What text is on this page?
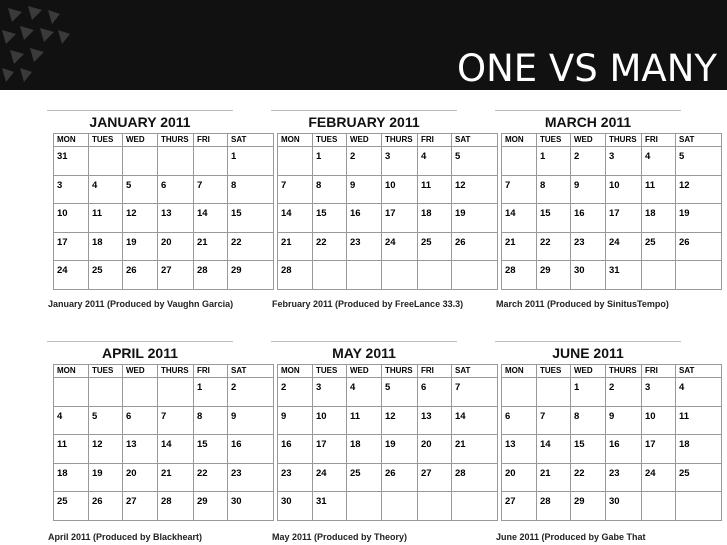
ONE VS MANY
JANUARY 2011
MON	TUES	WED	THURS	FRI	SAT
31					1
3	4	5	6	7	8
10	11	12	13	14	15
17	18	19	20	21	22
24	25	26	27	28	29
FEBRUARY 2011
MON	TUES	WED	THURS	FRI	SAT
	1	2	3	4	5
7	8	9	10	11	12
14	15	16	17	18	19
21	22	23	24	25	26
28					
MARCH 2011
MON	TUES	WED	THURS	FRI	SAT
	1	2	3	4	5
7	8	9	10	11	12
14	15	16	17	18	19
21	22	23	24	25	26
28	29	30	31		
APRIL 2011
MON	TUES	WED	THURS	FRI	SAT
				1	2
4	5	6	7	8	9
11	12	13	14	15	16
18	19	20	21	22	23
25	26	27	28	29	30
MAY 2011
MON	TUES	WED	THURS	FRI	SAT
2	3	4	5	6	7
9	10	11	12	13	14
16	17	18	19	20	21
23	24	25	26	27	28
30	31				
JUNE 2011
MON	TUES	WED	THURS	FRI	SAT
		1	2	3	4
6	7	8	9	10	11
13	14	15	16	17	18
20	21	22	23	24	25
27	28	29	30		
January 2011 (Produced by Vaughn Garcia)	February 2011 (Produced by FreeLance 33.3)	March 2011 (Produced by SinitusTempo)
April 2011 (Produced by Blackheart)	May 2011 (Produced by Theory)	June 2011 (Produced by Gabe That
